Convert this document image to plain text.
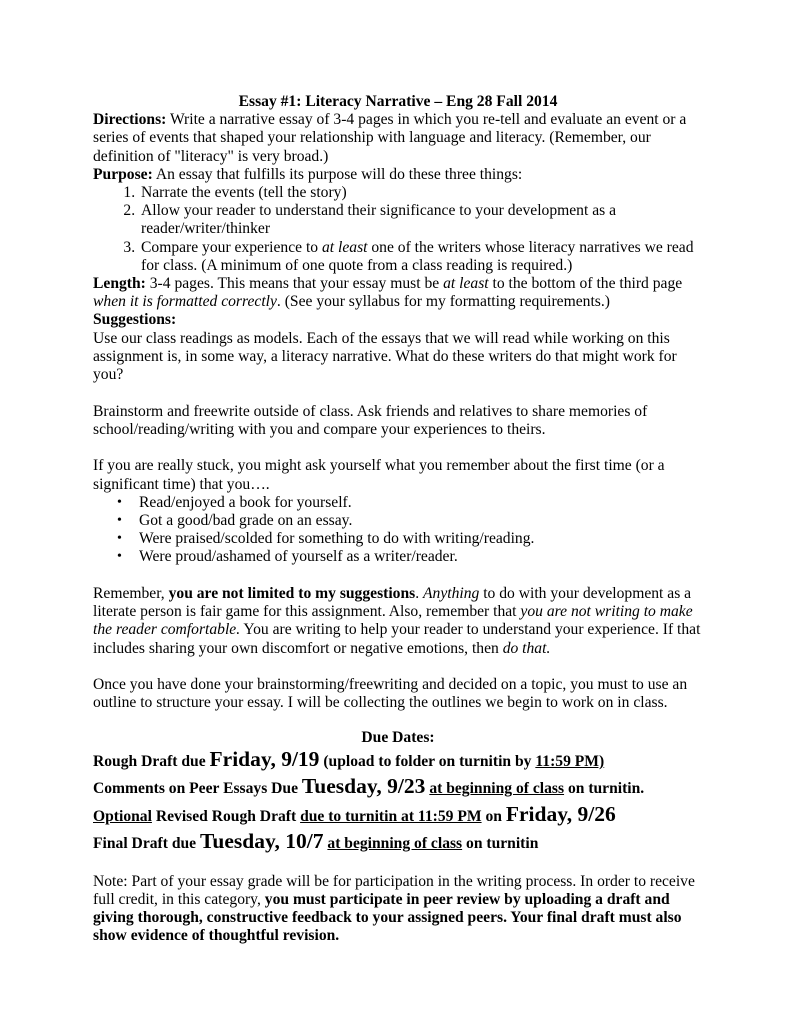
Essay #1: Literacy Narrative – Eng 28 Fall 2014

Directions: Write a narrative essay of 3-4 pages in which you re-tell and evaluate an event or a series of events that shaped your relationship with language and literacy. (Remember, our definition of "literacy" is very broad.)

Purpose: An essay that fulfills its purpose will do these three things:

1. Narrate the events (tell the story)
2. Allow your reader to understand their significance to your development as a reader/writer/thinker
3. Compare your experience to at least one of the writers whose literacy narratives we read for class. (A minimum of one quote from a class reading is required.)

Length: 3-4 pages. This means that your essay must be at least to the bottom of the third page when it is formatted correctly. (See your syllabus for my formatting requirements.)

Suggestions:

Use our class readings as models. Each of the essays that we will read while working on this assignment is, in some way, a literacy narrative. What do these writers do that might work for you?

Brainstorm and freewrite outside of class. Ask friends and relatives to share memories of school/reading/writing with you and compare your experiences to theirs.

If you are really stuck, you might ask yourself what you remember about the first time (or a significant time) that you….

• Read/enjoyed a book for yourself.
• Got a good/bad grade on an essay.
• Were praised/scolded for something to do with writing/reading.
• Were proud/ashamed of yourself as a writer/reader.

Remember, you are not limited to my suggestions. Anything to do with your development as a literate person is fair game for this assignment. Also, remember that you are not writing to make the reader comfortable. You are writing to help your reader to understand your experience. If that includes sharing your own discomfort or negative emotions, then do that.

Once you have done your brainstorming/freewriting and decided on a topic, you must to use an outline to structure your essay. I will be collecting the outlines we begin to work on in class.

Due Dates:

Rough Draft due Friday, 9/19 (upload to folder on turnitin by 11:59 PM)

Comments on Peer Essays Due Tuesday, 9/23 at beginning of class on turnitin.

Optional Revised Rough Draft due to turnitin at 11:59 PM on Friday, 9/26

Final Draft due Tuesday, 10/7 at beginning of class on turnitin

Note: Part of your essay grade will be for participation in the writing process. In order to receive full credit, in this category, you must participate in peer review by uploading a draft and giving thorough, constructive feedback to your assigned peers. Your final draft must also show evidence of thoughtful revision.
